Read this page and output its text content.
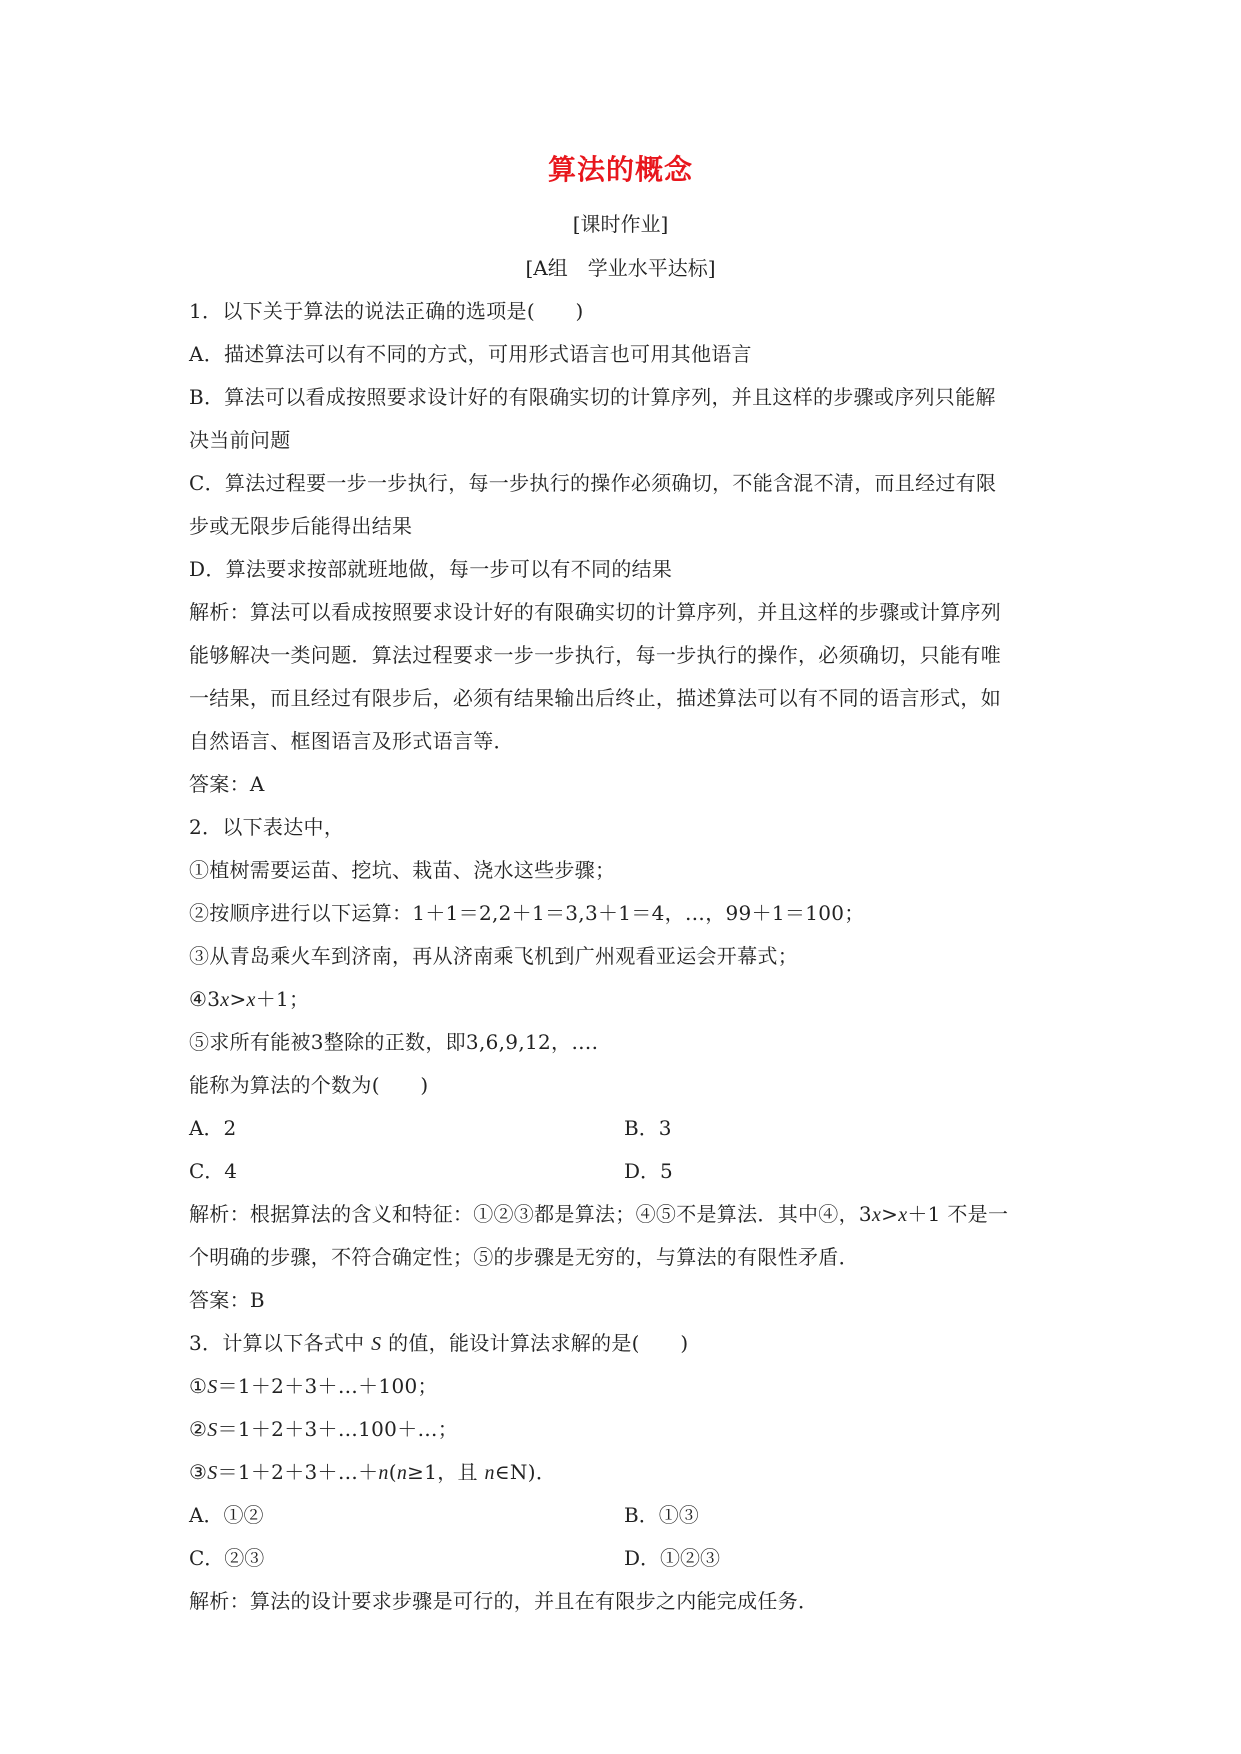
算法的概念
[课时作业]
[A组　学业水平达标]
1．以下关于算法的说法正确的选项是(　　)
A．描述算法可以有不同的方式，可用形式语言也可用其他语言
B．算法可以看成按照要求设计好的有限确实切的计算序列，并且这样的步骤或序列只能解
决当前问题
C．算法过程要一步一步执行，每一步执行的操作必须确切，不能含混不清，而且经过有限
步或无限步后能得出结果
D．算法要求按部就班地做，每一步可以有不同的结果
解析：算法可以看成按照要求设计好的有限确实切的计算序列，并且这样的步骤或计算序列
能够解决一类问题．算法过程要求一步一步执行，每一步执行的操作，必须确切，只能有唯
一结果，而且经过有限步后，必须有结果输出后终止，描述算法可以有不同的语言形式，如
自然语言、框图语言及形式语言等．
答案：A
2．以下表达中，
①植树需要运苗、挖坑、栽苗、浇水这些步骤；
②按顺序进行以下运算：1＋1＝2,2＋1＝3,3＋1＝4，…，99＋1＝100；
③从青岛乘火车到济南，再从济南乘飞机到广州观看亚运会开幕式；
④3x>x＋1；
⑤求所有能被3整除的正数，即3,6,9,12，….
能称为算法的个数为(　　)
A．2	B．3
C．4	D．5
解析：根据算法的含义和特征：①②③都是算法；④⑤不是算法．其中④，3x>x＋1 不是一
个明确的步骤，不符合确定性；⑤的步骤是无穷的，与算法的有限性矛盾．
答案：B
3．计算以下各式中 S 的值，能设计算法求解的是(　　)
①S＝1＋2＋3＋…＋100；
②S＝1＋2＋3＋…100＋…；
③S＝1＋2＋3＋…＋n(n≥1，且 n∈N)．
A．①②	B．①③
C．②③	D．①②③
解析：算法的设计要求步骤是可行的，并且在有限步之内能完成任务．
